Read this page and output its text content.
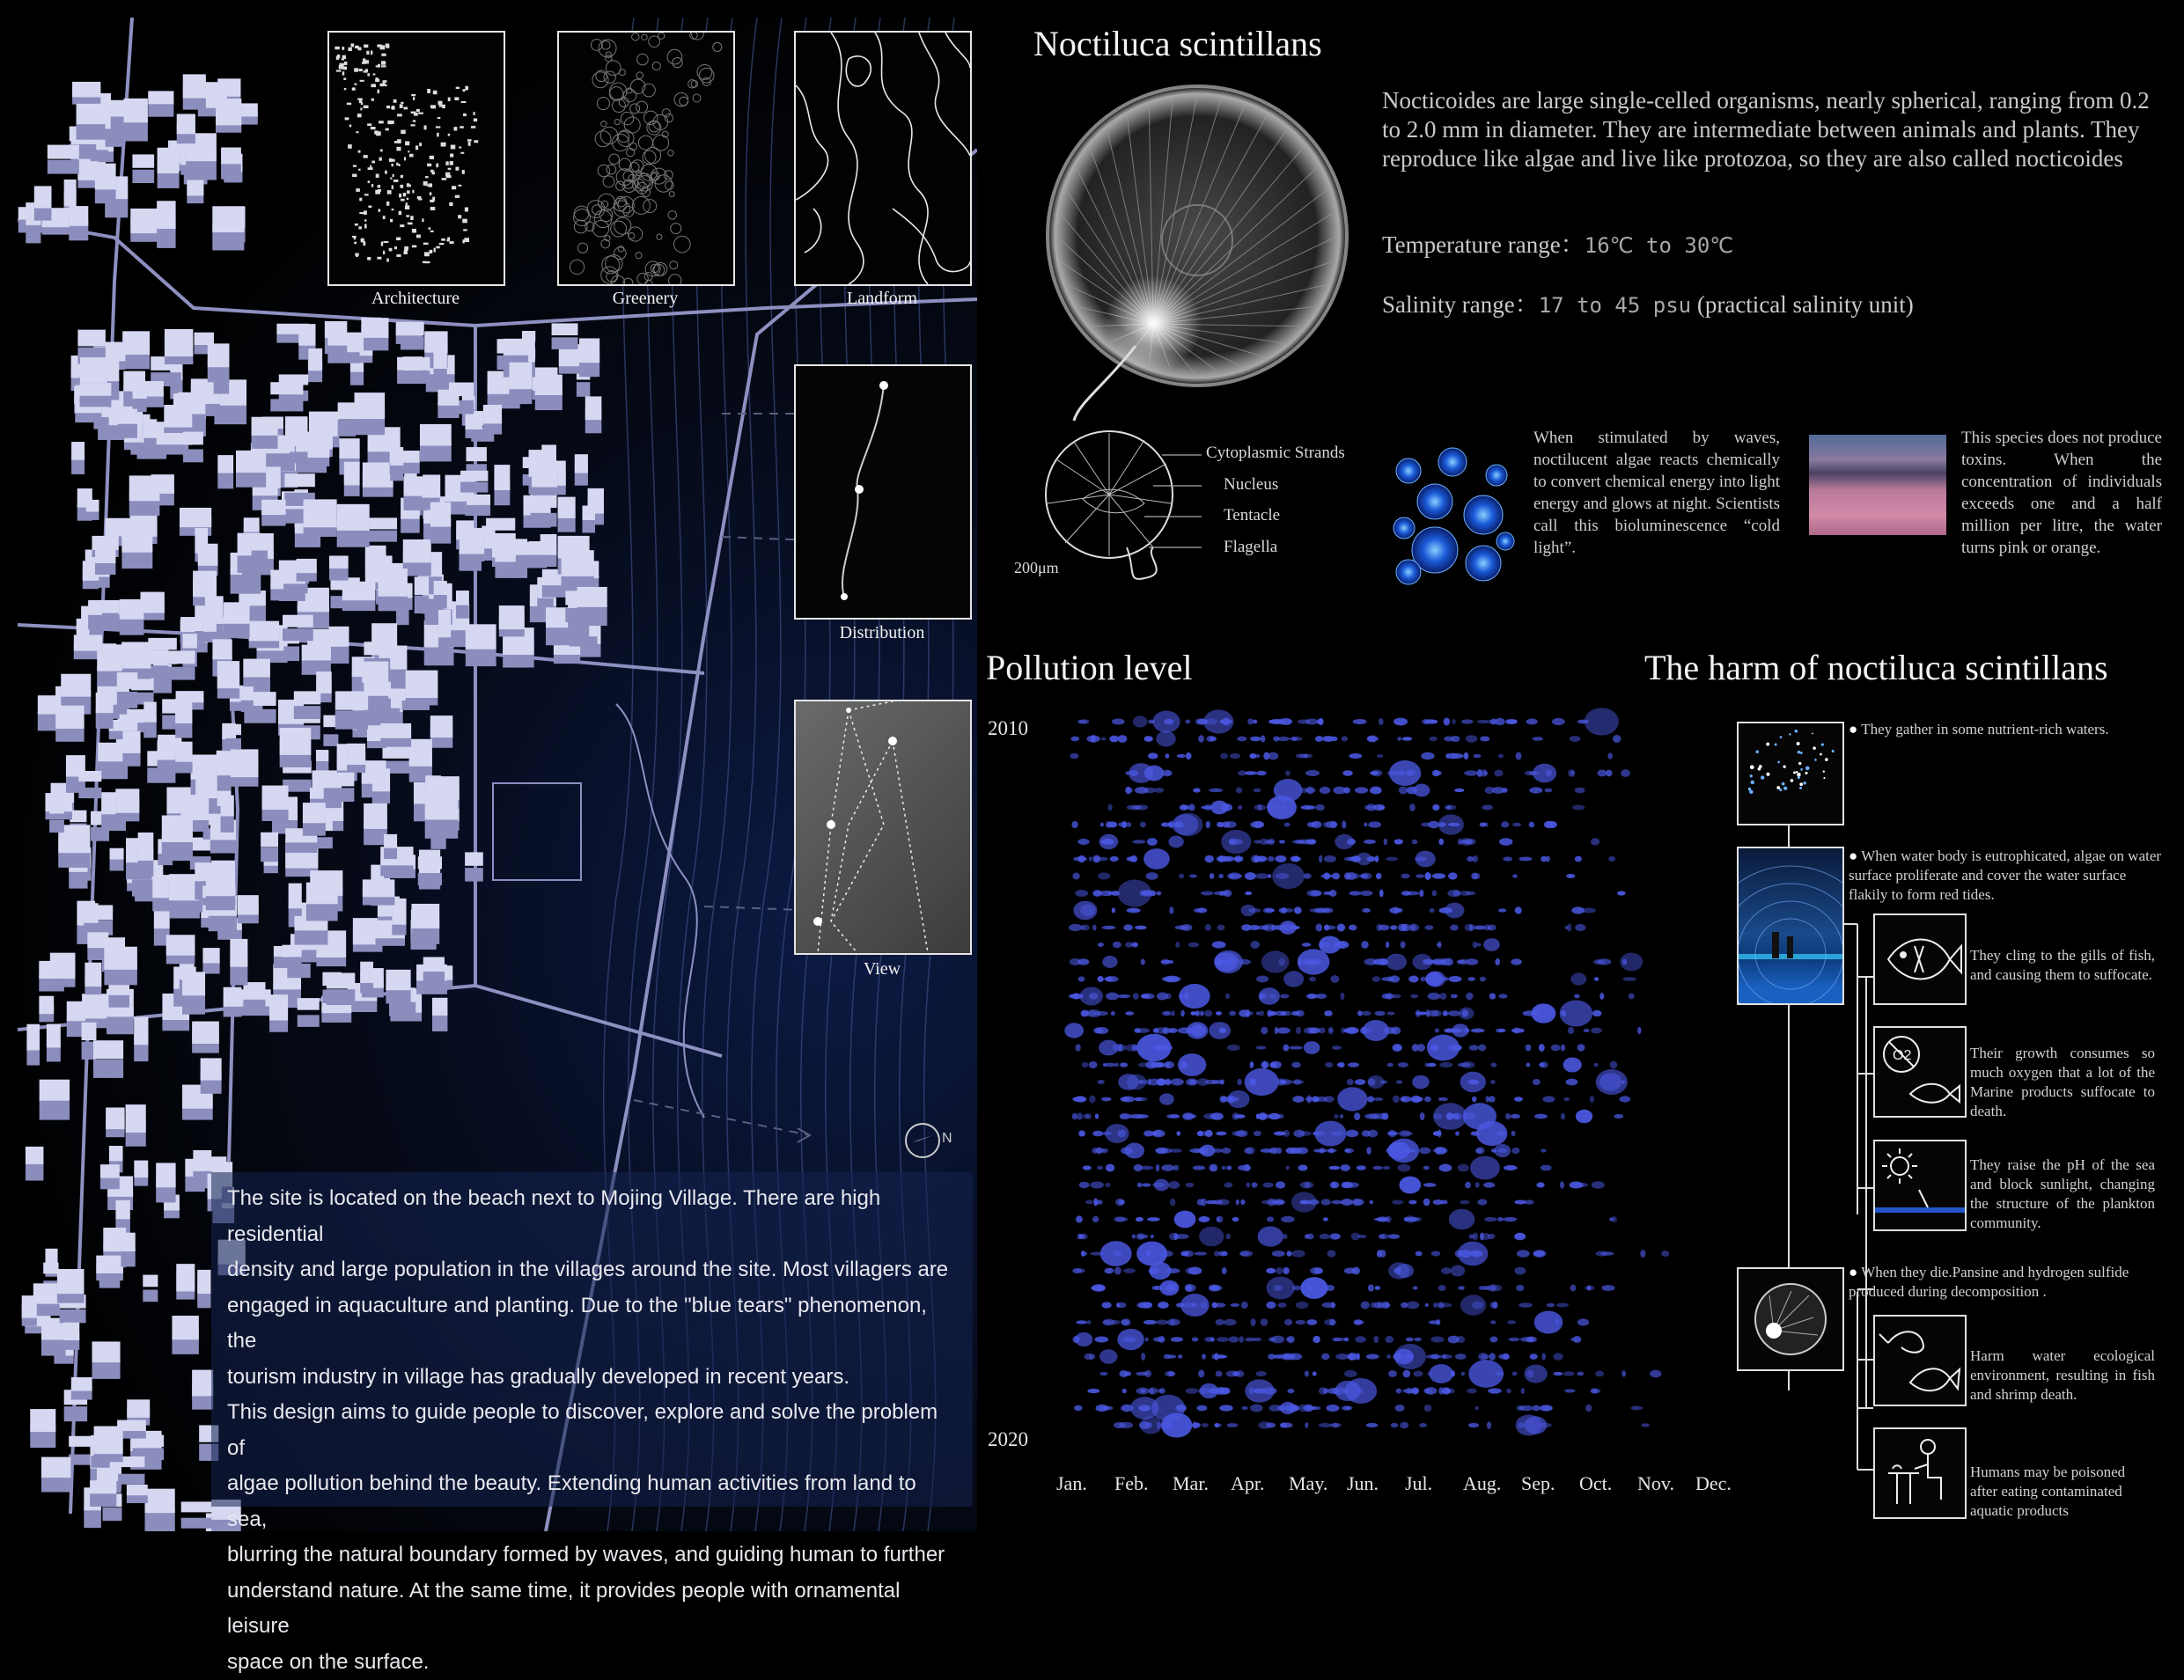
Architecture	Greenery	Landform
Distribution
View
N
The site is located on the beach next to Mojing Village. There are high residential
density and large population in the villages around the site. Most villagers are
engaged in aquaculture and planting. Due to the "blue tears" phenomenon, the
tourism industry in village has gradually developed in recent years.
This design aims to guide people to discover, explore and solve the problem of
algae pollution behind the beauty. Extending human activities from land to sea,
blurring the natural boundary formed by waves, and guiding human to further
understand nature. At the same time, it provides people with ornamental leisure
space on the surface.
Noctiluca scintillans
Nocticoides are large single-celled organisms, nearly spherical, ranging from 0.2 to 2.0 mm in diameter. They are intermediate between animals and plants. They reproduce like algae and live like protozoa, so they are also called nocticoides
Temperature range：16℃ to 30℃
Salinity range：17 to 45 psu (practical salinity unit)
Cytoplasmic Strands
Nucleus
Tentacle
Flagella
200μm
When stimulated by waves, noctilucent algae reacts chemically to convert chemical energy into light energy and glows at night. Scientists call this bioluminescence “cold light”.
This species does not produce toxins. When the concentration of individuals exceeds one and a half million per litre, the water turns pink or orange.
Pollution level
2010
2020
Jan. Feb. Mar. Apr. May. Jun. Jul. Aug. Sep. Oct. Nov. Dec.
The harm of noctiluca scintillans
● They gather in some nutrient-rich waters.
● When water body is eutrophicated, algae on water surface proliferate and cover the water surface flakily to form red tides.
● When they die.Pansine and hydrogen sulfide produced during decomposition .
They cling to the gills of fish, and causing them to suffocate.
O2	Their growth consumes so much oxygen that a lot of the Marine products suffocate to death.
They raise the pH of the sea and block sunlight, changing the structure of the plankton community.
Harm water ecological environment, resulting in fish and shrimp death.
Humans may be poisoned after eating contaminated aquatic products
